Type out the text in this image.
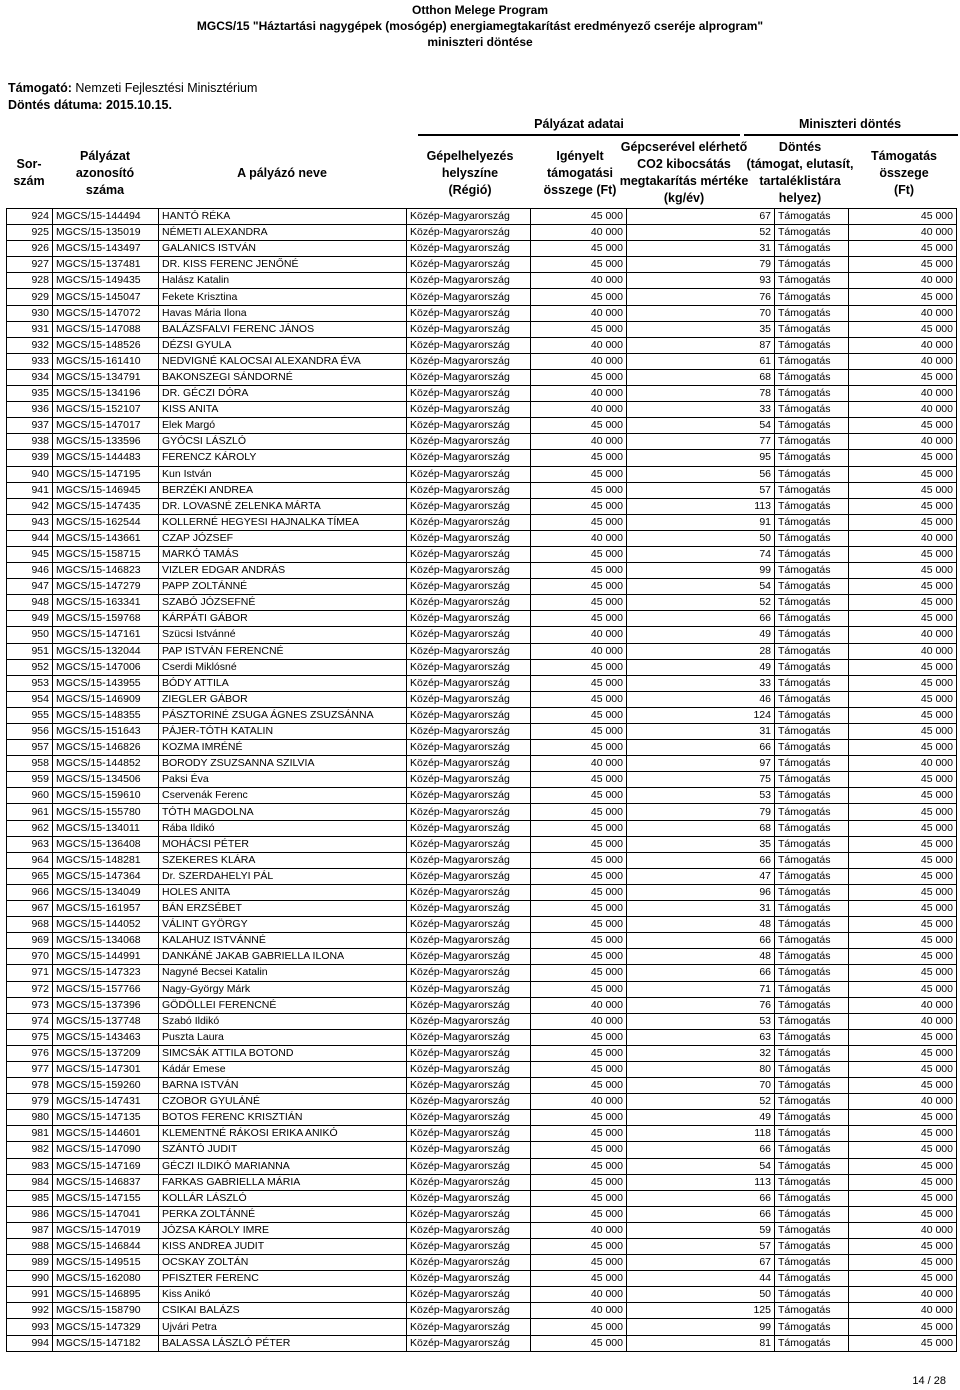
Otthon Melege Program
MGCS/15 "Háztartási nagygépek (mosógép) energiamegtakarítást eredményező cseréje alprogram"
miniszteri döntése
Támogató: Nemzeti Fejlesztési Minisztérium
Döntés dátuma: 2015.10.15.
Pályázat adatai	Miniszteri döntés
Sor-
szám
Pályázat azonosító
száma
A pályázó neve
Gépelhelyezés
helyszíne
(Régió)
Igényelt
támogatási
összege (Ft)
Gépcserével elérhető
CO2 kibocsátás
megtakarítás mértéke
(kg/év)
Döntés
(támogat, elutasít,
tartaléklistára
helyez)
Támogatás
összege
(Ft)
924	MGCS/15-144494	HANTÓ RÉKA	Közép-Magyarország	45 000	67	Támogatás	45 000
925	MGCS/15-135019	NÉMETI ALEXANDRA	Közép-Magyarország	40 000	52	Támogatás	40 000
926	MGCS/15-143497	GALANICS ISTVÁN	Közép-Magyarország	45 000	31	Támogatás	45 000
927	MGCS/15-137481	DR. KISS FERENC JENŐNÉ	Közép-Magyarország	45 000	79	Támogatás	45 000
928	MGCS/15-149435	Halász Katalin	Közép-Magyarország	40 000	93	Támogatás	40 000
929	MGCS/15-145047	Fekete Krisztina	Közép-Magyarország	45 000	76	Támogatás	45 000
930	MGCS/15-147072	Havas Mária Ilona	Közép-Magyarország	40 000	70	Támogatás	40 000
931	MGCS/15-147088	BALÁZSFALVI FERENC JÁNOS	Közép-Magyarország	45 000	35	Támogatás	45 000
932	MGCS/15-148526	DÉZSI GYULA	Közép-Magyarország	40 000	87	Támogatás	40 000
933	MGCS/15-161410	NEDVIGNÉ KALOCSAI ALEXANDRA ÉVA	Közép-Magyarország	40 000	61	Támogatás	40 000
934	MGCS/15-134791	BAKONSZEGI SÁNDORNÉ	Közép-Magyarország	45 000	68	Támogatás	45 000
935	MGCS/15-134196	DR. GÉCZI DÓRA	Közép-Magyarország	40 000	78	Támogatás	40 000
936	MGCS/15-152107	KISS ANITA	Közép-Magyarország	40 000	33	Támogatás	40 000
937	MGCS/15-147017	Elek Margó	Közép-Magyarország	45 000	54	Támogatás	45 000
938	MGCS/15-133596	GYÓCSI LÁSZLÓ	Közép-Magyarország	40 000	77	Támogatás	40 000
939	MGCS/15-144483	FERENCZ KÁROLY	Közép-Magyarország	45 000	95	Támogatás	45 000
940	MGCS/15-147195	Kun István	Közép-Magyarország	45 000	56	Támogatás	45 000
941	MGCS/15-146945	BERZÉKI ANDREA	Közép-Magyarország	45 000	57	Támogatás	45 000
942	MGCS/15-147435	DR. LOVASNÉ ZELENKA MÁRTA	Közép-Magyarország	45 000	113	Támogatás	45 000
943	MGCS/15-162544	KOLLERNÉ HEGYESI HAJNALKA TÍMEA	Közép-Magyarország	45 000	91	Támogatás	45 000
944	MGCS/15-143661	CZAP JÓZSEF	Közép-Magyarország	40 000	50	Támogatás	40 000
945	MGCS/15-158715	MARKÓ TAMÁS	Közép-Magyarország	45 000	74	Támogatás	45 000
946	MGCS/15-146823	VIZLER EDGAR ANDRÁS	Közép-Magyarország	45 000	99	Támogatás	45 000
947	MGCS/15-147279	PAPP ZOLTÁNNÉ	Közép-Magyarország	45 000	54	Támogatás	45 000
948	MGCS/15-163341	SZABÓ JÓZSEFNÉ	Közép-Magyarország	45 000	52	Támogatás	45 000
949	MGCS/15-159768	KÁRPÁTI GÁBOR	Közép-Magyarország	45 000	66	Támogatás	45 000
950	MGCS/15-147161	Szücsi Istvánné	Közép-Magyarország	40 000	49	Támogatás	40 000
951	MGCS/15-132044	PAP ISTVÁN FERENCNÉ	Közép-Magyarország	40 000	28	Támogatás	40 000
952	MGCS/15-147006	Cserdi Miklósné	Közép-Magyarország	45 000	49	Támogatás	45 000
953	MGCS/15-143955	BÓDY ATTILA	Közép-Magyarország	45 000	33	Támogatás	45 000
954	MGCS/15-146909	ZIEGLER GÁBOR	Közép-Magyarország	45 000	46	Támogatás	45 000
955	MGCS/15-148355	PÁSZTORINÉ ZSUGA ÁGNES ZSUZSÁNNA	Közép-Magyarország	45 000	124	Támogatás	45 000
956	MGCS/15-151643	PÁJER-TÓTH KATALIN	Közép-Magyarország	45 000	31	Támogatás	45 000
957	MGCS/15-146826	KOZMA IMRÉNÉ	Közép-Magyarország	45 000	66	Támogatás	45 000
958	MGCS/15-144852	BORODY ZSUZSANNA SZILVIA	Közép-Magyarország	40 000	97	Támogatás	40 000
959	MGCS/15-134506	Paksi Éva	Közép-Magyarország	45 000	75	Támogatás	45 000
960	MGCS/15-159610	Cservenák Ferenc	Közép-Magyarország	45 000	53	Támogatás	45 000
961	MGCS/15-155780	TÓTH MAGDOLNA	Közép-Magyarország	45 000	79	Támogatás	45 000
962	MGCS/15-134011	Rába Ildikó	Közép-Magyarország	45 000	68	Támogatás	45 000
963	MGCS/15-136408	MOHÁCSI PÉTER	Közép-Magyarország	45 000	35	Támogatás	45 000
964	MGCS/15-148281	SZEKERES KLÁRA	Közép-Magyarország	45 000	66	Támogatás	45 000
965	MGCS/15-147364	Dr. SZERDAHELYI PÁL	Közép-Magyarország	45 000	47	Támogatás	45 000
966	MGCS/15-134049	HOLES ANITA	Közép-Magyarország	45 000	96	Támogatás	45 000
967	MGCS/15-161957	BÁN ERZSÉBET	Közép-Magyarország	45 000	31	Támogatás	45 000
968	MGCS/15-144052	VÁLINT GYÖRGY	Közép-Magyarország	45 000	48	Támogatás	45 000
969	MGCS/15-134068	KALAHUZ ISTVÁNNÉ	Közép-Magyarország	45 000	66	Támogatás	45 000
970	MGCS/15-144991	DANKÁNÉ JAKAB GABRIELLA ILONA	Közép-Magyarország	45 000	48	Támogatás	45 000
971	MGCS/15-147323	Nagyné Becsei Katalin	Közép-Magyarország	45 000	66	Támogatás	45 000
972	MGCS/15-157766	Nagy-György Márk	Közép-Magyarország	45 000	71	Támogatás	45 000
973	MGCS/15-137396	GÖDÖLLEI FERENCNÉ	Közép-Magyarország	40 000	76	Támogatás	40 000
974	MGCS/15-137748	Szabó Ildikó	Közép-Magyarország	40 000	53	Támogatás	40 000
975	MGCS/15-143463	Puszta Laura	Közép-Magyarország	45 000	63	Támogatás	45 000
976	MGCS/15-137209	SIMCSÁK ATTILA BOTOND	Közép-Magyarország	45 000	32	Támogatás	45 000
977	MGCS/15-147301	Kádár Emese	Közép-Magyarország	45 000	80	Támogatás	45 000
978	MGCS/15-159260	BARNA ISTVÁN	Közép-Magyarország	45 000	70	Támogatás	45 000
979	MGCS/15-147431	CZOBOR GYULÁNÉ	Közép-Magyarország	40 000	52	Támogatás	40 000
980	MGCS/15-147135	BOTOS FERENC KRISZTIÁN	Közép-Magyarország	45 000	49	Támogatás	45 000
981	MGCS/15-144601	KLEMENTNÉ RÁKOSI ERIKA ANIKÓ	Közép-Magyarország	45 000	118	Támogatás	45 000
982	MGCS/15-147090	SZÁNTÓ JUDIT	Közép-Magyarország	45 000	66	Támogatás	45 000
983	MGCS/15-147169	GÉCZI ILDIKÓ MARIANNA	Közép-Magyarország	45 000	54	Támogatás	45 000
984	MGCS/15-146837	FARKAS GABRIELLA MÁRIA	Közép-Magyarország	45 000	113	Támogatás	45 000
985	MGCS/15-147155	KOLLÁR LÁSZLÓ	Közép-Magyarország	45 000	66	Támogatás	45 000
986	MGCS/15-147041	PERKA ZOLTÁNNÉ	Közép-Magyarország	45 000	66	Támogatás	45 000
987	MGCS/15-147019	JÓZSA KÁROLY IMRE	Közép-Magyarország	40 000	59	Támogatás	40 000
988	MGCS/15-146844	KISS ANDREA JUDIT	Közép-Magyarország	45 000	57	Támogatás	45 000
989	MGCS/15-149515	OCSKAY ZOLTÁN	Közép-Magyarország	45 000	67	Támogatás	45 000
990	MGCS/15-162080	PFISZTER FERENC	Közép-Magyarország	45 000	44	Támogatás	45 000
991	MGCS/15-146895	Kiss Anikó	Közép-Magyarország	40 000	50	Támogatás	40 000
992	MGCS/15-158790	CSIKAI BALÁZS	Közép-Magyarország	40 000	125	Támogatás	40 000
993	MGCS/15-147329	Ujvári Petra	Közép-Magyarország	45 000	99	Támogatás	45 000
994	MGCS/15-147182	BALASSA LÁSZLÓ PÉTER	Közép-Magyarország	45 000	81	Támogatás	45 000
14 / 28
